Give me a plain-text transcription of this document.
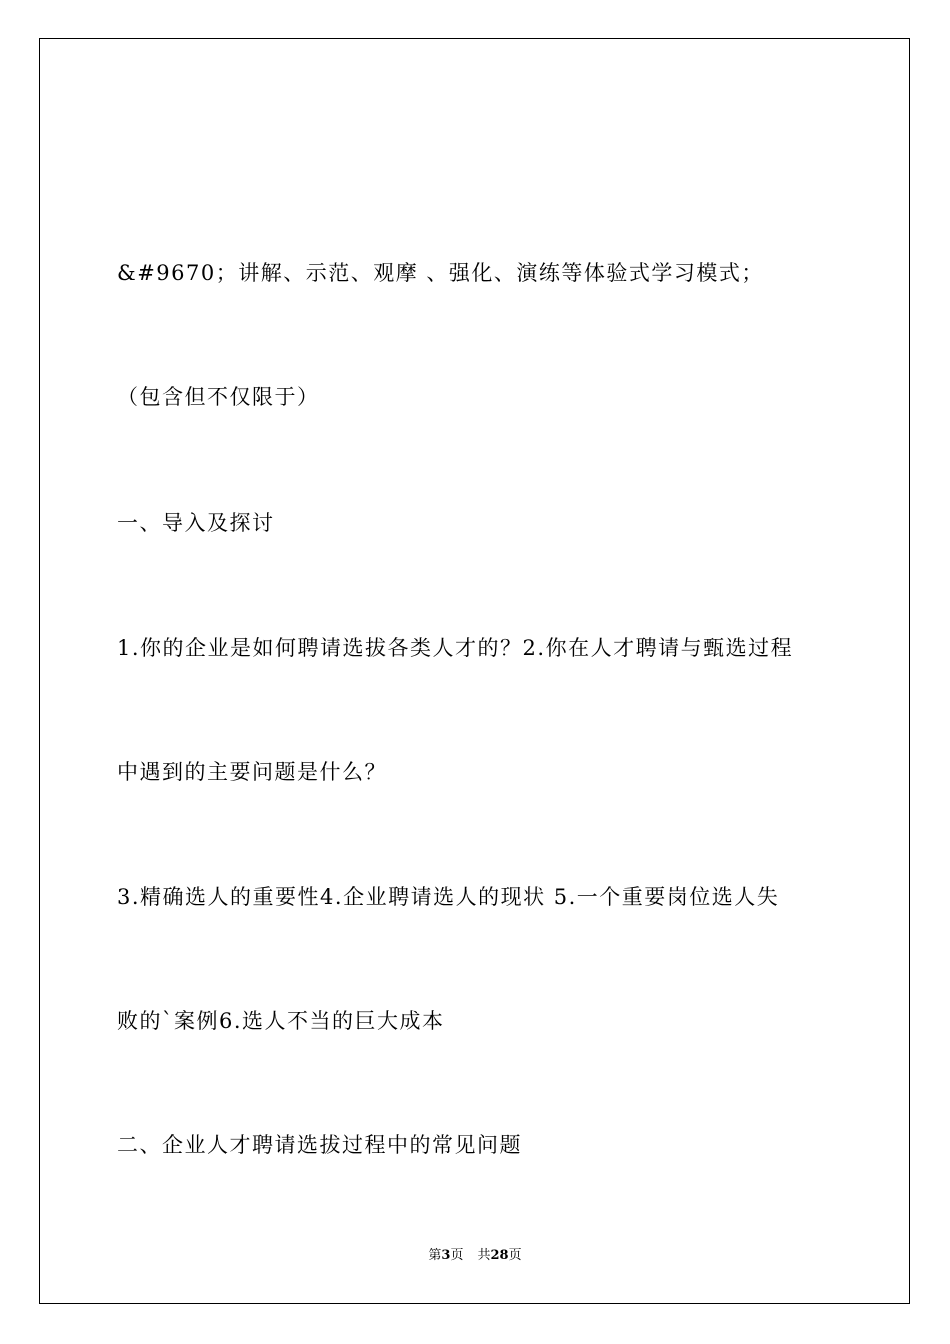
&#9670；讲解、示范、观摩 、强化、演练等体验式学习模式；
（包含但不仅限于）
一、导入及探讨
1.你的企业是如何聘请选拔各类人才的？2.你在人才聘请与甄选过程
中遇到的主要问题是什么？
3.精确选人的重要性4.企业聘请选人的现状 5.一个重要岗位选人失
败的`案例6.选人不当的巨大成本
二、企业人才聘请选拔过程中的常见问题
第3页 共28页
